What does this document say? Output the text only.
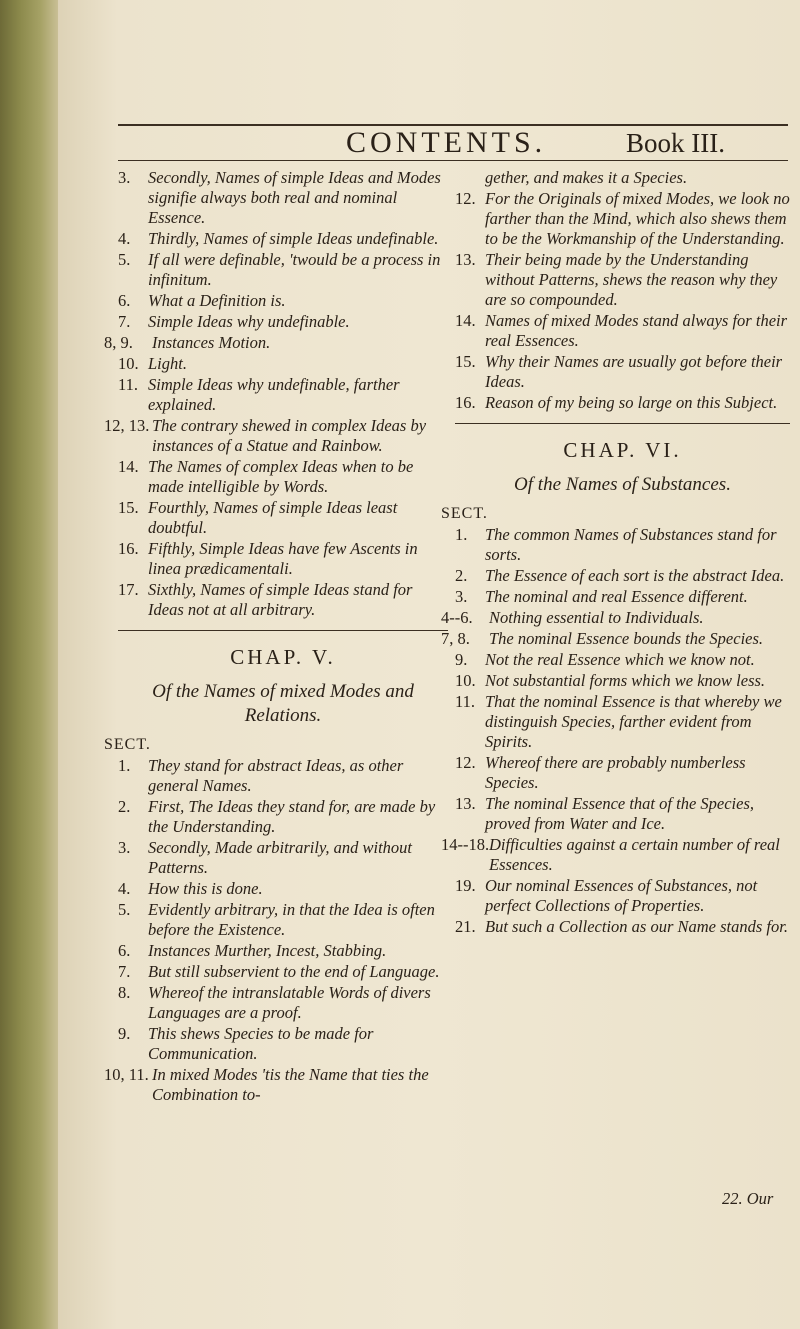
CONTENTS.	Book III.
3. Secondly, Names of simple Ideas and Modes signifie always both real and nominal Essence.
4. Thirdly, Names of simple Ideas undefinable.
5. If all were definable, 'twould be a process in infinitum.
6. What a Definition is.
7. Simple Ideas why undefinable.
8, 9. Instances Motion.
10. Light.
11. Simple Ideas why undefinable, farther explained.
12, 13. The contrary shewed in complex Ideas by instances of a Statue and Rainbow.
14. The Names of complex Ideas when to be made intelligible by Words.
15. Fourthly, Names of simple Ideas least doubtful.
16. Fifthly, Simple Ideas have few Ascents in linea prædicamentali.
17. Sixthly, Names of simple Ideas stand for Ideas not at all arbitrary.
CHAP. V.
Of the Names of mixed Modes and Relations.
SECT.
1. They stand for abstract Ideas, as other general Names.
2. First, The Ideas they stand for, are made by the Understanding.
3. Secondly, Made arbitrarily, and without Patterns.
4. How this is done.
5. Evidently arbitrary, in that the Idea is often before the Existence.
6. Instances Murther, Incest, Stabbing.
7. But still subservient to the end of Language.
8. Whereof the intranslatable Words of divers Languages are a proof.
9. This shews Species to be made for Communication.
10, 11. In mixed Modes 'tis the Name that ties the Combination to-
gether, and makes it a Species.
12. For the Originals of mixed Modes, we look no farther than the Mind, which also shews them to be the Workmanship of the Understanding.
13. Their being made by the Understanding without Patterns, shews the reason why they are so compounded.
14. Names of mixed Modes stand always for their real Essences.
15. Why their Names are usually got before their Ideas.
16. Reason of my being so large on this Subject.
CHAP. VI.
Of the Names of Substances.
SECT.
1. The common Names of Substances stand for sorts.
2. The Essence of each sort is the abstract Idea.
3. The nominal and real Essence different.
4--6. Nothing essential to Individuals.
7, 8. The nominal Essence bounds the Species.
9. Not the real Essence which we know not.
10. Not substantial forms which we know less.
11. That the nominal Essence is that whereby we distinguish Species, farther evident from Spirits.
12. Whereof there are probably numberless Species.
13. The nominal Essence that of the Species, proved from Water and Ice.
14--18. Difficulties against a certain number of real Essences.
19. Our nominal Essences of Substances, not perfect Collections of Properties.
21. But such a Collection as our Name stands for.
22. Our
